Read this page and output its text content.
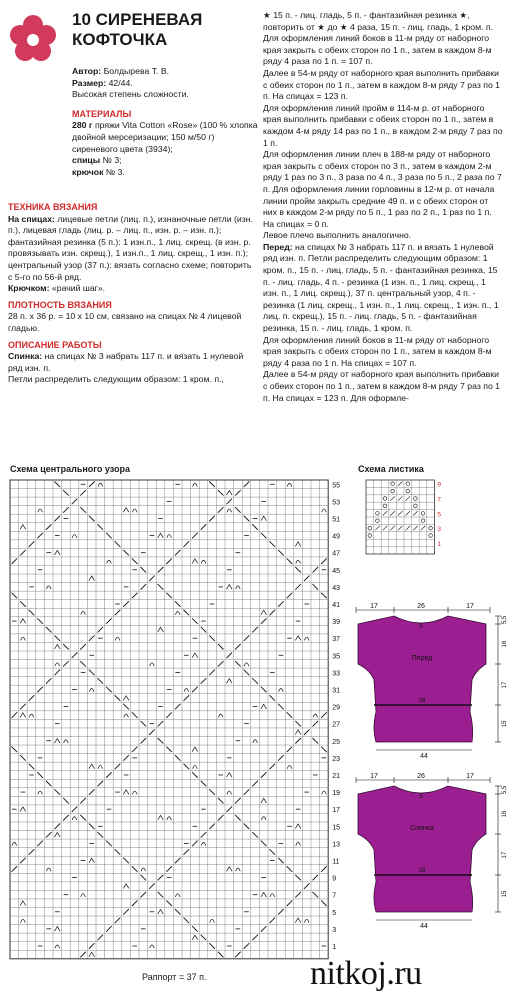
10 СИРЕНЕВАЯ КОФТОЧКА

Автор: Болдырева Т. В.

Размер: 42/44.

Высокая степень сложности.

МАТЕРИАЛЫ

280 г пряжи Vita Cotton «Rose» (100 % хлопка двойной мерсеризации; 150 м/50 г) сиреневого цвета (3934);

спицы № 3;

крючок № 3.

ТЕХНИКА ВЯЗАНИЯ

На спицах: лицевые петли (лиц. п.), изнаночные петли (изн. п.), лицевая гладь (лиц. р. – лиц. п., изн. р. – изн. п.);

фантазийная резинка (5 п.): 1 изн.п., 1 лиц. скрещ. (в изн. р. провязывать изн. скрещ.), 1 изн.п., 1 лиц. скрещ., 1 изн. п.);

центральный узор (37 п.): вязать согласно схеме; повторить с 5-го по 56-й ряд.

Крючком: «рачий шаг».

ПЛОТНОСТЬ ВЯЗАНИЯ

28 п. х 36 р. = 10 х 10 см, связано на спицах № 4 лицевой гладью.

ОПИСАНИЕ РАБОТЫ

Спинка: на спицах № 3 набрать 117 п. и вязать 1 нулевой ряд изн. п.

Петли распределить следующим образом: 1 кром. п.,

★ 15 п. - лиц. гладь, 5 п. - фантазийная резинка ★, повторить от ★ до ★ 4 раза, 15 п. - лиц. гладь, 1 кром. п. Для оформления линий боков в 11-м ряду от наборного края закрыть с обеих сторон по 1 п., затем в каждом 8-м ряду 4 раза по 1 п. = 107 п.

Далее в 54-м ряду от наборного края выполнить прибавки с обеих сторон по 1 п., затем в каждом 8-м ряду 7 раз по 1 п. На спицах = 123 п.

Для оформления линий пройм в 114-м р. от наборного края выполнить прибавки с обеих сторон по 1 п., затем в каждом 4-м ряду 14 раз по 1 п., в каждом 2-м ряду 7 раз по 1 п.

Для оформления линии плеч в 188-м ряду от наборного края закрыть с обеих сторон по 3 п., затем в каждом 2-м ряду 1 раз по 3 п., 3 раза по 4 п., 3 раза по 5 п., 2 раза по 7 п. Для оформления линии горловины в 12-м р. от начала линии пройм закрыть средние 49 п. и с обеих сторон от них в каждом 2-м ряду по 5 п., 1 раз по 2 п., 1 раз по 1 п. На спицах = 0 п.

Левое плечо выполнить аналогично.

Перед: на спицах № 3 набрать 117 п. и вязать 1 нулевой ряд изн. п. Петли распределить следующим образом: 1 кром. п., 15 п. - лиц. гладь, 5 п. - фантазийная резинка, 15 п. - лиц. гладь, 4 п. - резинка (1 изн. п., 1 лиц. скрещ., 1 изн. п., 1 лиц. скрещ.), 37 п. центральный узор, 4 п. - резинка (1 лиц. скрещ., 1 изн. п., 1 лиц. скрещ., 1 изн. п., 1 лиц. п. скрещ.), 15 п. - лиц. гладь, 5 п. - фантазийная резинка, 15 п. - лиц. гладь, 1 кром. п.

Для оформления линий боков в 11-м ряду от наборного края закрыть с обеих сторон по 1 п., затем в каждом 8-м ряду 4 раза по 1 п. На спицах = 107 п.

Далее в 54-м ряду от наборного края выполнить прибавки с обеих сторон по 1 п., затем в каждом 8-м ряду 7 раз по 1 п. На спицах = 123 п. Для оформле-

Схема центрального узора	Схема листика
55
53
51
49
47
45
43
41
39
37
35
33
31
29
27
25
23
21
19
17
15
13
11
9
7
5
3
1
9
7
5
3
1
17	26	17
Перед
38
5
5,5
16
17
15
44
17	26	17
Спинка
38
5
5,5
16
17
15
44
Раппорт = 37 п.	nitkoj.ru
